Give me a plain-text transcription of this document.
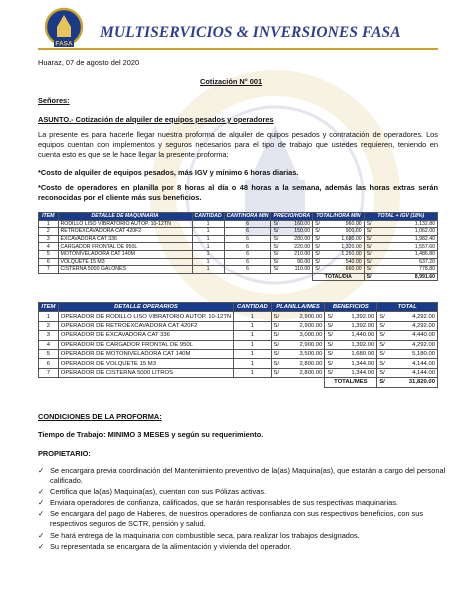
FASA
MULTISERVICIOS & INVERSIONES FASA
Huaraz, 07 de agosto del 2020
Cotización N° 001
Señores:
ASUNTO.- Cotización de alquiler de equipos pesados y operadores
La presente es para hacerle llegar nuestra proforma de alquiler de quipos pesados y contratación de operadores. Los equipos cuentan con implementos y seguros necesarios para el tipo de trabajo que ustedes requieren, teniendo en cuenta esto es que se le hace llegar la presente proforma:
*Costo de alquiler de equipos pesados, más IGV y mínimo 6 horas diarias.
*Costo de operadores en planilla por 8 horas al día o 48 horas a la semana, además las horas extras serán reconocidas por el cliente más sus beneficios.
ITEM	DETALLE DE MAQUINARIA	CANTIDAD	CANT/HORA MIN	PRECIO/HORA	TOTAL/HORA MIN	TOTAL + IGV (18%)
1	RODILLO LISO VIBRATORIO AUTOP. 10-12TN	1	6	S/ 160.00	S/ 960.00	S/ 1,132.80

2	RETROEXCAVADORA CAT 420F2	1	6	S/ 150.00	S/ 900.00	S/ 1,062.00

3	EXCAVADORA CAT 336	1	6	S/ 280.00	S/ 1,680.00	S/ 1,982.40

4	CARGADOR FRONTAL DE 950L	1	6	S/ 220.00	S/ 1,320.00	S/ 1,557.60

5	MOTONIVELADORA CAT 140M	1	6	S/ 210.00	S/ 1,260.00	S/ 1,486.80

6	VOLQUETE 15 M3	1	6	S/ 90.00	S/ 540.00	S/ 637.20

7	CISTERNA 5000 GALONES	1	6	S/ 110.00	S/ 660.00	S/ 778.80

					TOTAL/DIA	S/ 8,991.60
ITEM	DETALLE OPERARIOS	CANTIDAD	PLANILLA/MES	BENEFICIOS	TOTAL
1	OPERADOR DE RODILLO LISO VIBRATORIO AUTOP. 10-12TN	1	S/ 2,900.00	S/ 1,392.00	S/ 4,292.00

2	OPERADOR DE RETROEXCAVADORA CAT 420F2	1	S/ 2,900.00	S/ 1,392.00	S/ 4,292.00

3	OPERADOR DE EXCAVADORA CAT 336	1	S/ 3,000.00	S/ 1,440.00	S/ 4,440.00

4	OPERADOR DE CARGADOR FRONTAL DE 950L	1	S/ 2,900.00	S/ 1,392.00	S/ 4,292.00

5	OPERADOR DE MOTONIVELADORA CAT 140M	1	S/ 3,500.00	S/ 1,680.00	S/ 5,180.00

6	OPERADOR DE VOLQUETE 15 M3	1	S/ 2,800.00	S/ 1,344.00	S/ 4,144.00

7	OPERADOR DE CISTERNA 5000 LITROS	1	S/ 2,800.00	S/ 1,344.00	S/ 4,144.00

				TOTAL/MES	S/ 31,820.00
CONDICIONES DE LA PROFORMA:
Tiempo de Trabajo: MINIMO 3 MESES y según su requerimiento.
PROPIETARIO:
✓ Se encargara previa coordinación del Mantenimiento preventivo de la(as) Maquina(as), que estarán a cargo del personal calificado.
✓ Certifica que la(as) Maquina(as), cuentan con sus Pólizas activas.
✓ Enviara operadores de confianza, calificados, que se harán responsables de sus respectivas maquinarias.
✓ Se encargara del pago de Haberes, de nuestros operadores de confianza con sus respectivos beneficios, con sus respectivos seguros de SCTR, pensión y salud.
✓ Se hará entrega de la maquinaria con combustible seca, para realizar los trabajos designados.
✓ Su representada se encargara de la alimentación y vivienda del operador.
